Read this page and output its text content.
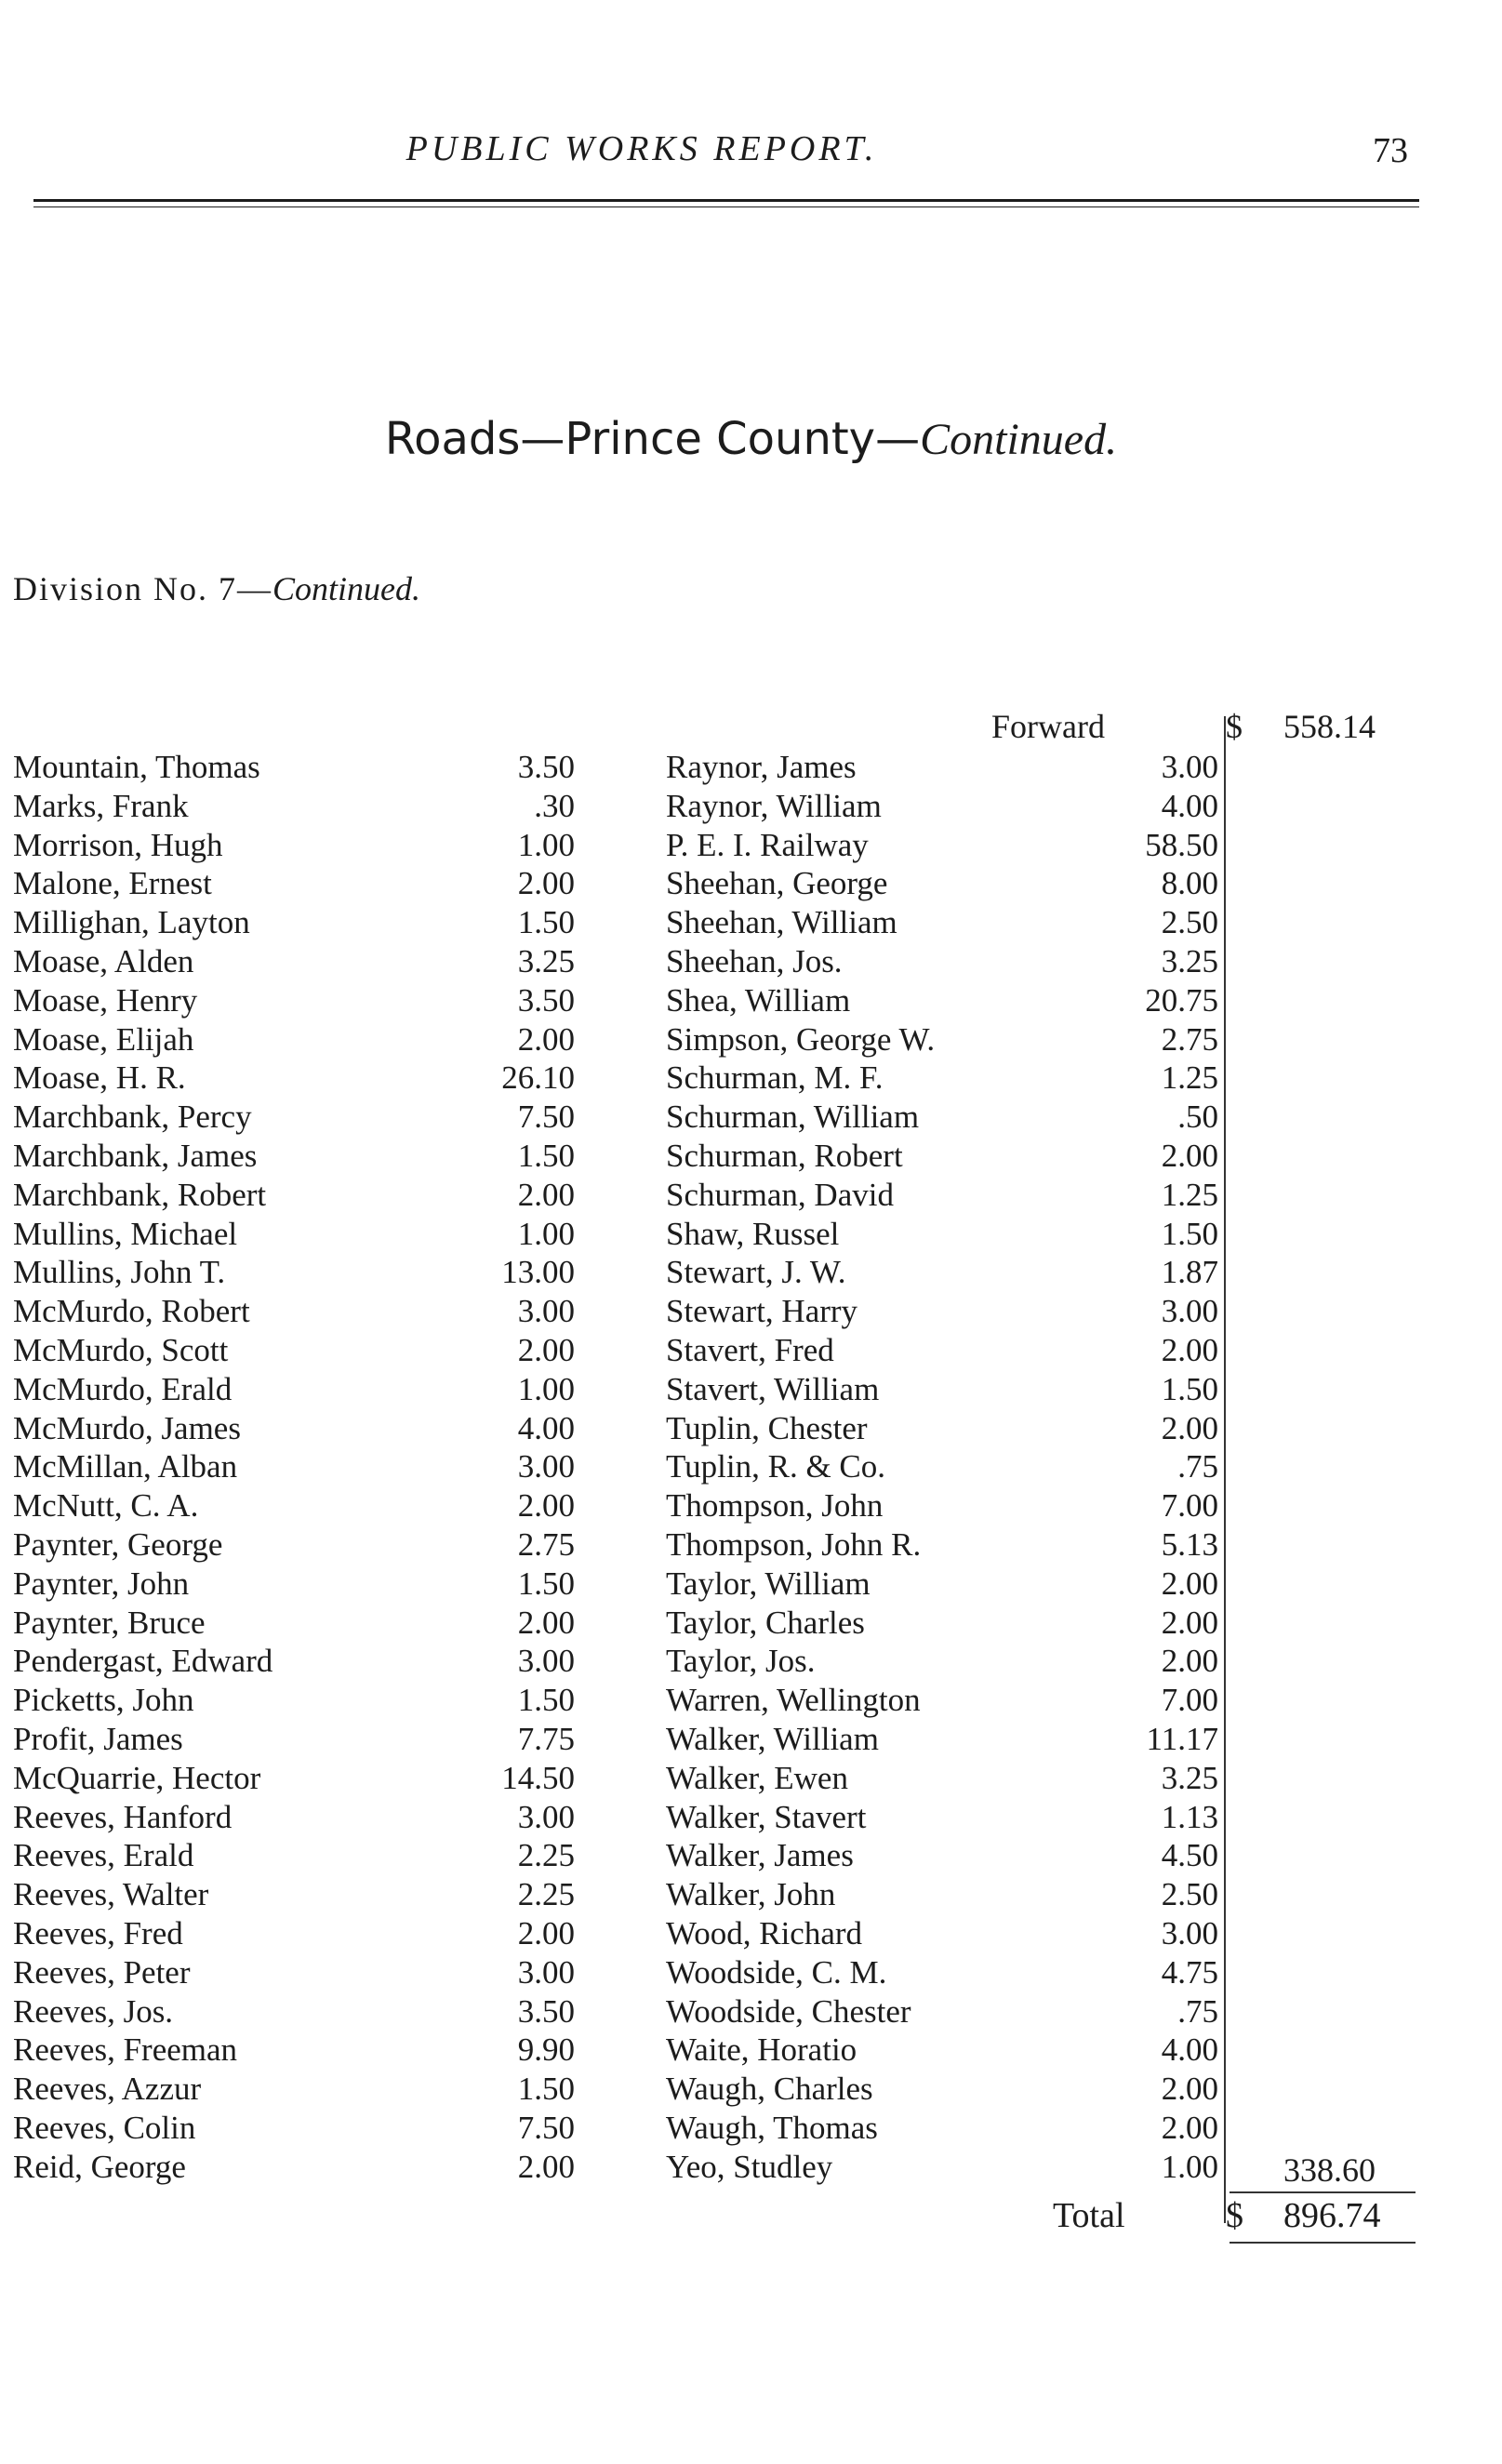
PUBLIC WORKS REPORT.	73
Roads—Prince County—Continued.
Division No. 7—Continued.
Forward	$ 558.14
Mountain, Thomas	3.50
Marks, Frank	.30
Morrison, Hugh	1.00
Malone, Ernest	2.00
Millighan, Layton	1.50
Moase, Alden	3.25
Moase, Henry	3.50
Moase, Elijah	2.00
Moase, H. R.	26.10
Marchbank, Percy	7.50
Marchbank, James	1.50
Marchbank, Robert	2.00
Mullins, Michael	1.00
Mullins, John T.	13.00
McMurdo, Robert	3.00
McMurdo, Scott	2.00
McMurdo, Erald	1.00
McMurdo, James	4.00
McMillan, Alban	3.00
McNutt, C. A.	2.00
Paynter, George	2.75
Paynter, John	1.50
Paynter, Bruce	2.00
Pendergast, Edward	3.00
Picketts, John	1.50
Profit, James	7.75
McQuarrie, Hector	14.50
Reeves, Hanford	3.00
Reeves, Erald	2.25
Reeves, Walter	2.25
Reeves, Fred	2.00
Reeves, Peter	3.00
Reeves, Jos.	3.50
Reeves, Freeman	9.90
Reeves, Azzur	1.50
Reeves, Colin	7.50
Reid, George	2.00
Raynor, James	3.00
Raynor, William	4.00
P. E. I. Railway	58.50
Sheehan, George	8.00
Sheehan, William	2.50
Sheehan, Jos.	3.25
Shea, William	20.75
Simpson, George W.	2.75
Schurman, M. F.	1.25
Schurman, William	.50
Schurman, Robert	2.00
Schurman, David	1.25
Shaw, Russel	1.50
Stewart, J. W.	1.87
Stewart, Harry	3.00
Stavert, Fred	2.00
Stavert, William	1.50
Tuplin, Chester	2.00
Tuplin, R. & Co.	.75
Thompson, John	7.00
Thompson, John R.	5.13
Taylor, William	2.00
Taylor, Charles	2.00
Taylor, Jos.	2.00
Warren, Wellington	7.00
Walker, William	11.17
Walker, Ewen	3.25
Walker, Stavert	1.13
Walker, James	4.50
Walker, John	2.50
Wood, Richard	3.00
Woodside, C. M.	4.75
Woodside, Chester	.75
Waite, Horatio	4.00
Waugh, Charles	2.00
Waugh, Thomas	2.00
Yeo, Studley	1.00 338.60
Total	$ 896.74
